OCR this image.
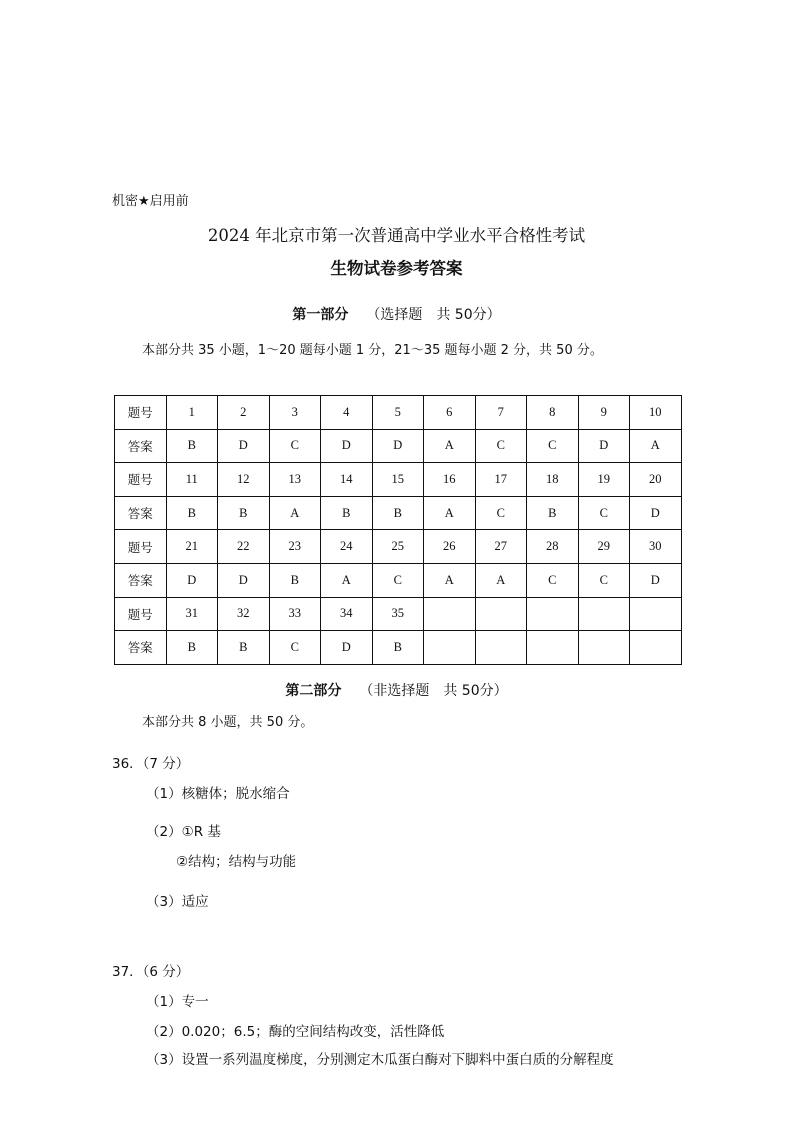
机密★启用前
2024 年北京市第一次普通高中学业水平合格性考试
生物试卷参考答案
第一部分 （选择题　共 50分）
本部分共 35 小题，1～20 题每小题 1 分，21～35 题每小题 2 分，共 50 分。
题号	1	2	3	4	5	6	7	8	9	10
答案	B	D	C	D	D	A	C	C	D	A
题号	11	12	13	14	15	16	17	18	19	20
答案	B	B	A	B	B	A	C	B	C	D
题号	21	22	23	24	25	26	27	28	29	30
答案	D	D	B	A	C	A	A	C	C	D
题号	31	32	33	34	35					
答案	B	B	C	D	B					
第二部分 （非选择题　共 50分）
本部分共 8 小题，共 50 分。
36．（7 分）
（1）核糖体；脱水缩合
（2）①R 基
②结构；结构与功能
（3）适应
37．（6 分）
（1）专一
（2）0.020；6.5；酶的空间结构改变，活性降低
（3）设置一系列温度梯度，分别测定木瓜蛋白酶对下脚料中蛋白质的分解程度
